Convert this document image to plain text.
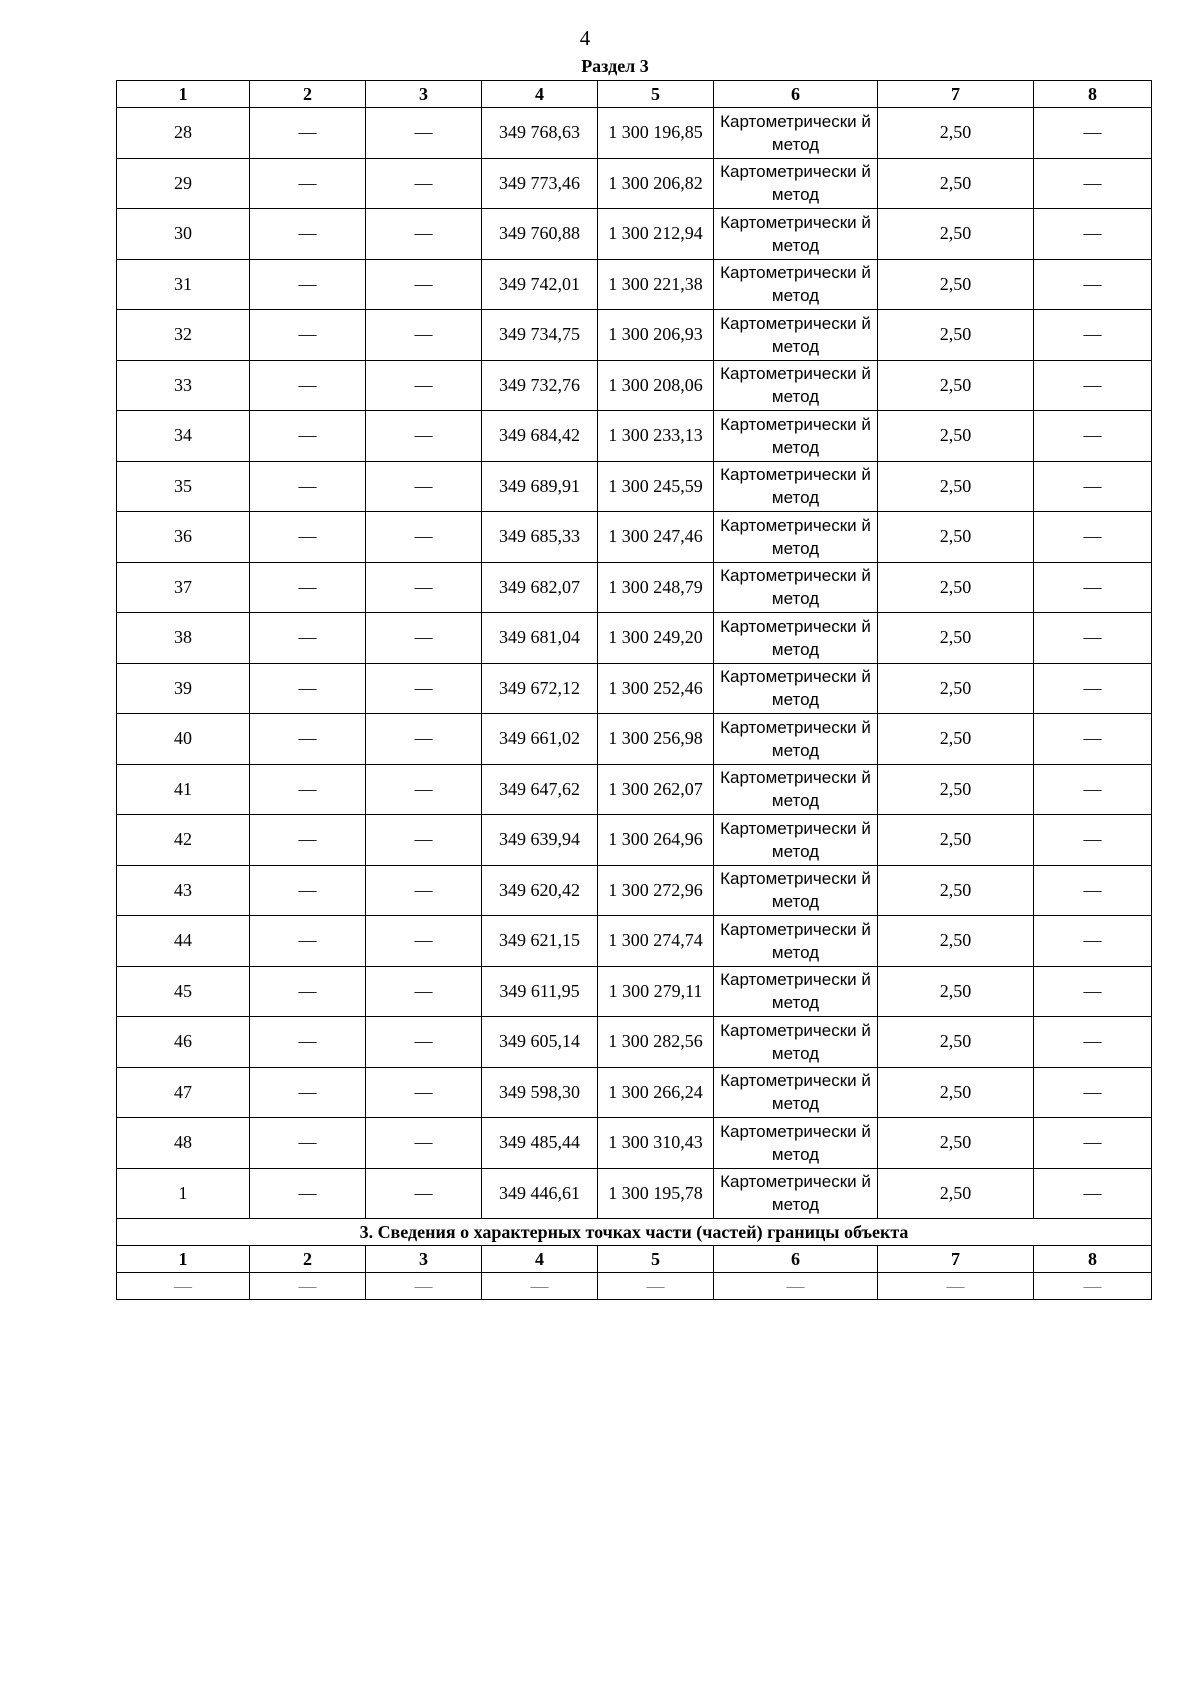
4
Раздел 3
1	2	3	4	5	6	7	8
28	—	—	349 768,63	1 300 196,85	Картометрически й метод	2,50	—
29	—	—	349 773,46	1 300 206,82	Картометрически й метод	2,50	—
30	—	—	349 760,88	1 300 212,94	Картометрически й метод	2,50	—
31	—	—	349 742,01	1 300 221,38	Картометрически й метод	2,50	—
32	—	—	349 734,75	1 300 206,93	Картометрически й метод	2,50	—
33	—	—	349 732,76	1 300 208,06	Картометрически й метод	2,50	—
34	—	—	349 684,42	1 300 233,13	Картометрически й метод	2,50	—
35	—	—	349 689,91	1 300 245,59	Картометрически й метод	2,50	—
36	—	—	349 685,33	1 300 247,46	Картометрически й метод	2,50	—
37	—	—	349 682,07	1 300 248,79	Картометрически й метод	2,50	—
38	—	—	349 681,04	1 300 249,20	Картометрически й метод	2,50	—
39	—	—	349 672,12	1 300 252,46	Картометрически й метод	2,50	—
40	—	—	349 661,02	1 300 256,98	Картометрически й метод	2,50	—
41	—	—	349 647,62	1 300 262,07	Картометрически й метод	2,50	—
42	—	—	349 639,94	1 300 264,96	Картометрически й метод	2,50	—
43	—	—	349 620,42	1 300 272,96	Картометрически й метод	2,50	—
44	—	—	349 621,15	1 300 274,74	Картометрически й метод	2,50	—
45	—	—	349 611,95	1 300 279,11	Картометрически й метод	2,50	—
46	—	—	349 605,14	1 300 282,56	Картометрически й метод	2,50	—
47	—	—	349 598,30	1 300 266,24	Картометрически й метод	2,50	—
48	—	—	349 485,44	1 300 310,43	Картометрически й метод	2,50	—
1	—	—	349 446,61	1 300 195,78	Картометрически й метод	2,50	—
3. Сведения о характерных точках части (частей) границы объекта							
1	2	3	4	5	6	7	8
—	—	—	—	—	—	—	—
